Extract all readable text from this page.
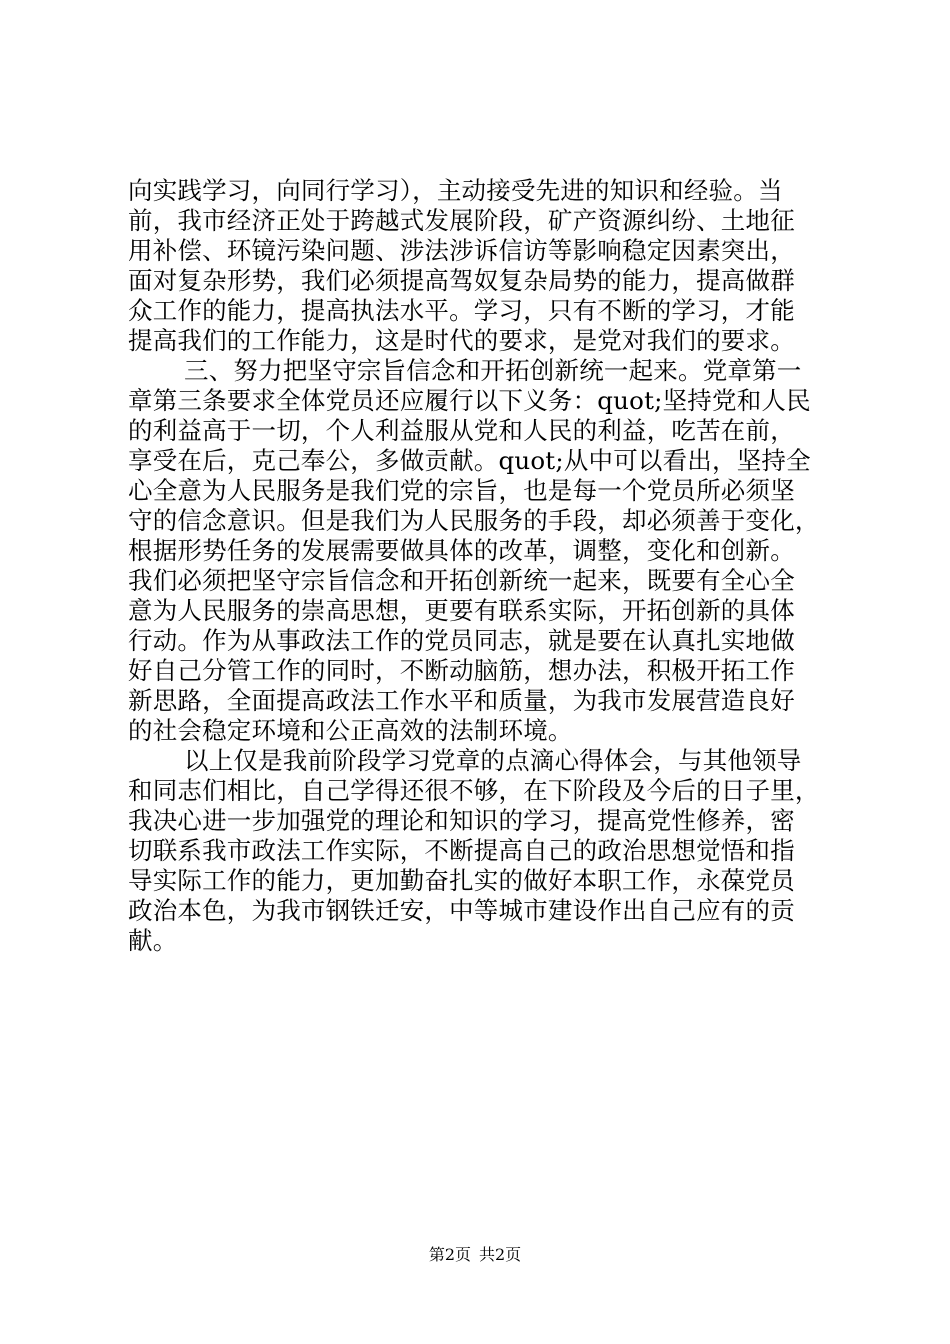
向实践学习，向同行学习），主动接受先进的知识和经验。当
前，我市经济正处于跨越式发展阶段，矿产资源纠纷、土地征
用补偿、环镜污染问题、涉法涉诉信访等影响稳定因素突出，
面对复杂形势，我们必须提高驾奴复杂局势的能力，提高做群
众工作的能力，提高执法水平。学习，只有不断的学习，才能
提高我们的工作能力，这是时代的要求，是党对我们的要求。
三、努力把坚守宗旨信念和开拓创新统一起来。党章第一
章第三条要求全体党员还应履行以下义务：quot;坚持党和人民
的利益高于一切，个人利益服从党和人民的利益，吃苦在前，
享受在后，克己奉公，多做贡献。quot;从中可以看出，坚持全
心全意为人民服务是我们党的宗旨，也是每一个党员所必须坚
守的信念意识。但是我们为人民服务的手段，却必须善于变化，
根据形势任务的发展需要做具体的改革，调整，变化和创新。
我们必须把坚守宗旨信念和开拓创新统一起来，既要有全心全
意为人民服务的崇高思想，更要有联系实际，开拓创新的具体
行动。作为从事政法工作的党员同志，就是要在认真扎实地做
好自己分管工作的同时，不断动脑筋，想办法，积极开拓工作
新思路，全面提高政法工作水平和质量，为我市发展营造良好
的社会稳定环境和公正高效的法制环境。
以上仅是我前阶段学习党章的点滴心得体会，与其他领导
和同志们相比，自己学得还很不够，在下阶段及今后的日子里，
我决心进一步加强党的理论和知识的学习，提高党性修养，密
切联系我市政法工作实际，不断提高自己的政治思想觉悟和指
导实际工作的能力，更加勤奋扎实的做好本职工作，永葆党员
政治本色，为我市钢铁迁安，中等城市建设作出自己应有的贡
献。
第2页 共2页
